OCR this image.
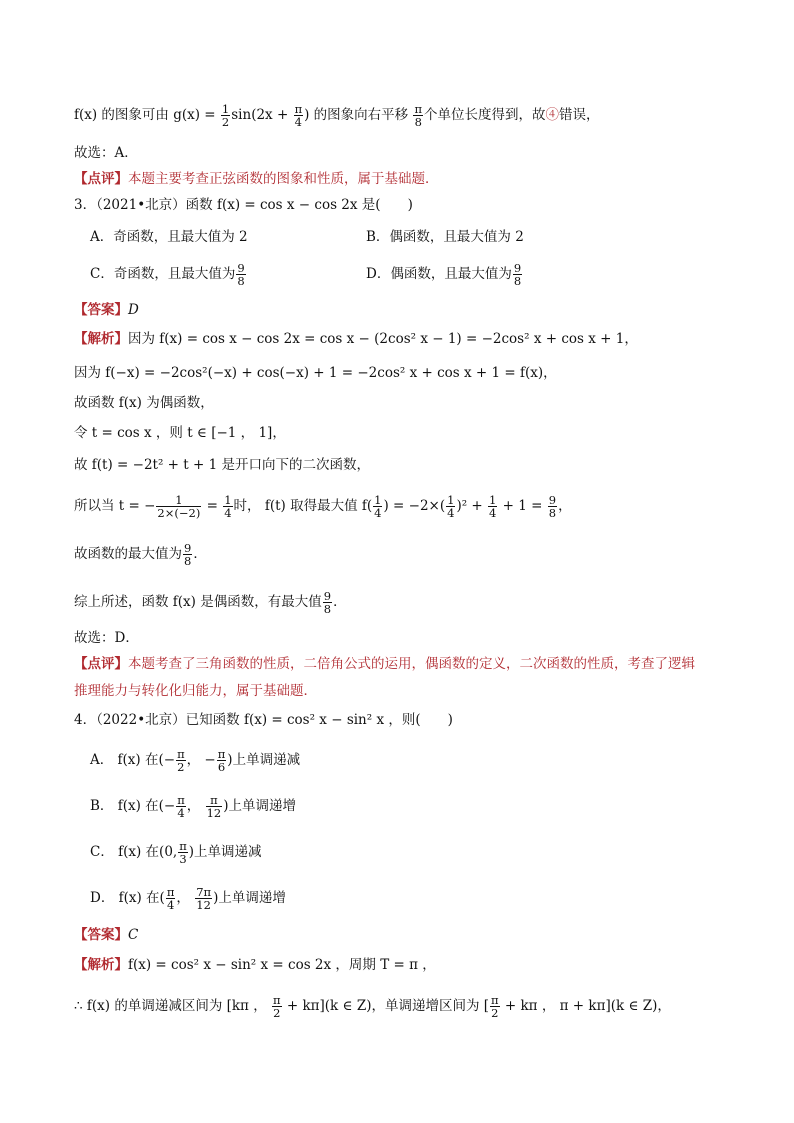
f(x) 的图象可由 $g(x) = \frac{1}{2} \sin(2x + \frac{\pi}{4}$ ) 的图象向右平移 $\frac{\pi}{8}$ 个单位长度得到，故④错误，
故选：A．
【点评】本题主要考查正弦函数的图象和性质，属于基础题．
3．（2021•北京）函数 f(x) = cos x − cos 2x 是(　　)
A．奇函数，且最大值为 2	B．偶函数，且最大值为 2
C．奇函数，且最大值为 $\frac{9}{8}$	D．偶函数，且最大值为 $\frac{9}{8}$
【答案】D
【解析】因为 f(x) = cos x − cos 2x = cos x − (2cos² x − 1) = −2cos² x + cos x + 1，
因为 f(−x) = −2cos²(−x) + cos(−x) + 1 = −2cos² x + cos x + 1 = f(x)，
故函数 f(x) 为偶函数，
令 t = cos x ，则 t ∈ [−1 ， 1]，
故 f(t) = −2t² + t + 1 是开口向下的二次函数，
所以当 t = − $\frac{1}{2\times(-2)} = \frac{1}{4}$ 时， f(t) 取得最大值 $f( \frac{1}{4}$ ) = $-2\times( \frac{1}{4} )^2 + \frac{1}{4} + 1 = \frac{9}{8}$ ，
故函数的最大值为 $\frac{9}{8}$ ．
综上所述，函数 f(x) 是偶函数，有最大值 $\frac{9}{8}$ ．
故选：D．
【点评】本题考查了三角函数的性质，二倍角公式的运用，偶函数的定义，二次函数的性质，考查了逻辑
推理能力与转化化归能力，属于基础题．
4．（2022•北京）已知函数 f(x) = cos² x − sin² x ，则(　　)
A． f(x) 在(− $\frac{\pi}{2}$ ， − $\frac{\pi}{6}$ )上单调递减
B． f(x) 在(− $\frac{\pi}{4}$ ， $\frac{\pi}{12}$ )上单调递增
C． f(x) 在(0, $\frac{\pi}{3}$ )上单调递减
D． f(x) 在( $\frac{\pi}{4}$ ， $\frac{7\pi}{12}$ )上单调递增
【答案】C
【解析】f(x) = cos² x − sin² x = cos 2x ，周期 T = π ，
∴ f(x) 的单调递减区间为 [kπ ， $\frac{\pi}{2} + k\pi](k$ ∈ Z)，单调递增区间为 [ $\frac{\pi}{2} + k\pi$ ， π + kπ](k ∈ Z)，
